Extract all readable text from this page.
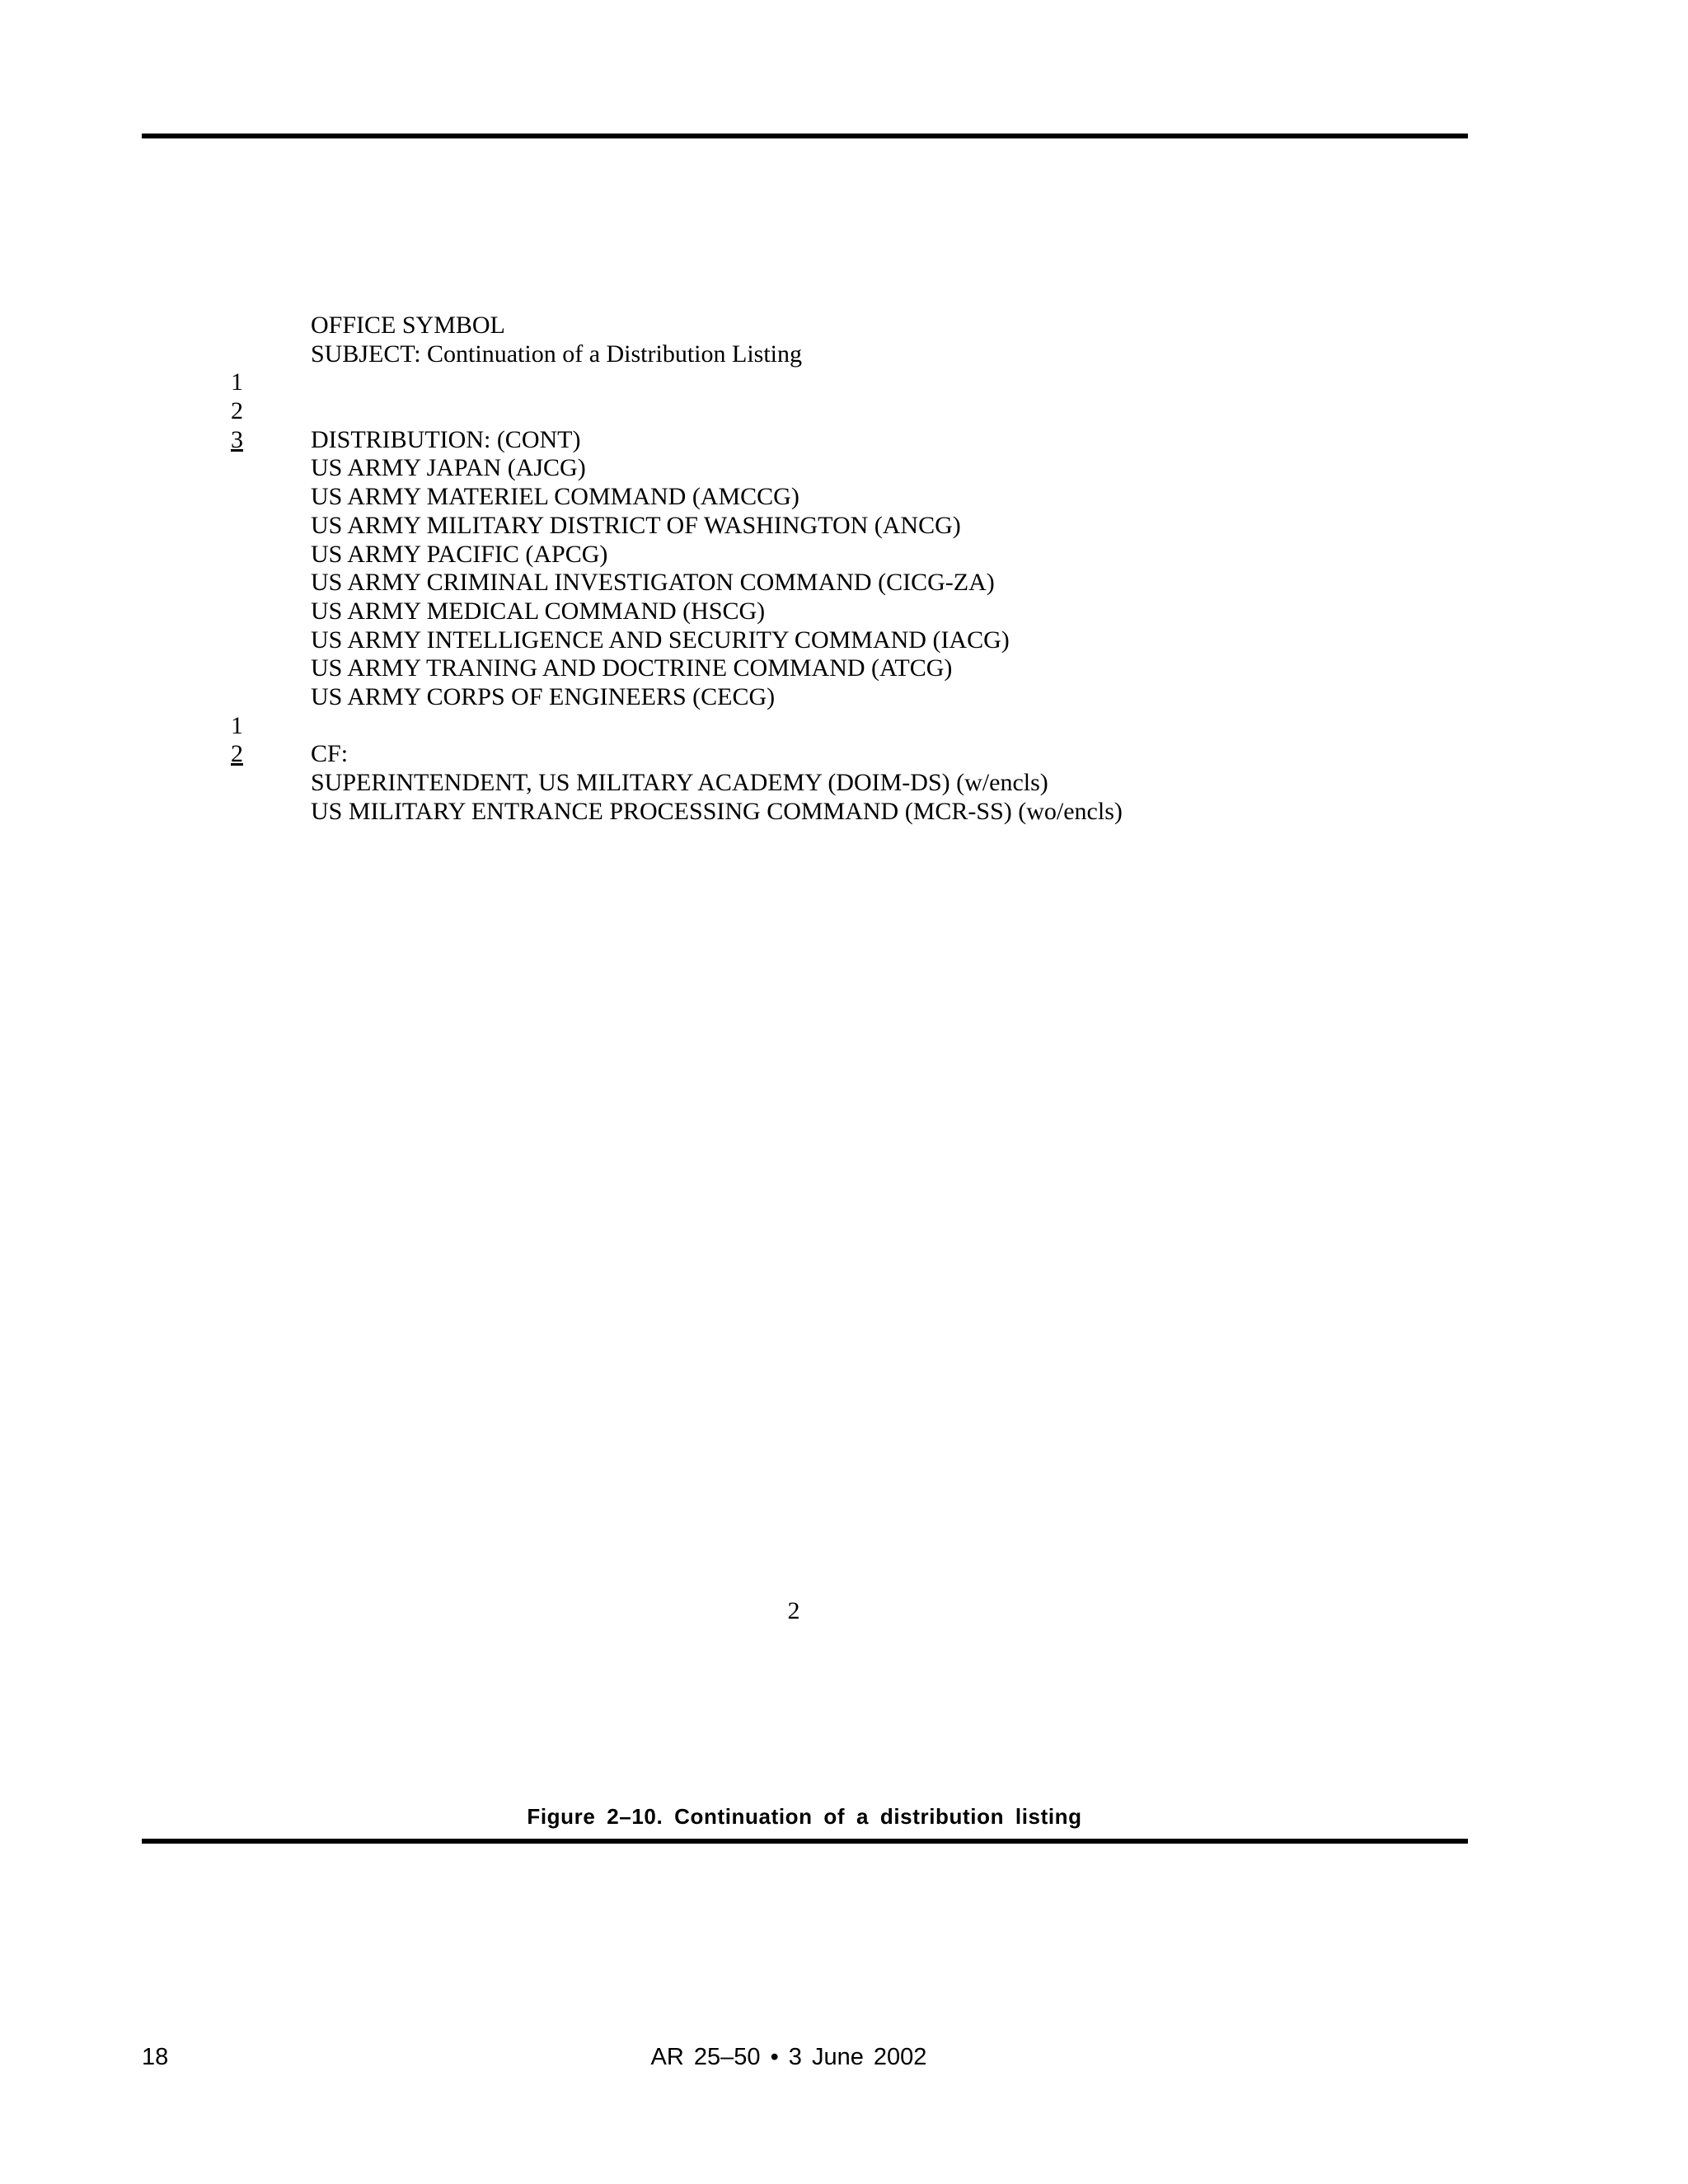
OFFICE SYMBOL
SUBJECT: Continuation of a Distribution Listing
1
2
3	DISTRIBUTION: (CONT)
US ARMY JAPAN (AJCG)
US ARMY MATERIEL COMMAND (AMCCG)
US ARMY MILITARY DISTRICT OF WASHINGTON (ANCG)
US ARMY PACIFIC (APCG)
US ARMY CRIMINAL INVESTIGATON COMMAND (CICG-ZA)
US ARMY MEDICAL COMMAND (HSCG)
US ARMY INTELLIGENCE AND SECURITY COMMAND (IACG)
US ARMY TRANING AND DOCTRINE COMMAND (ATCG)
US ARMY CORPS OF ENGINEERS (CECG)
1
2	CF:
SUPERINTENDENT, US MILITARY ACADEMY (DOIM-DS) (w/encls)
US MILITARY ENTRANCE PROCESSING COMMAND (MCR-SS) (wo/encls)
2
Figure 2–10. Continuation of a distribution listing
18	AR 25–50 • 3 June 2002
